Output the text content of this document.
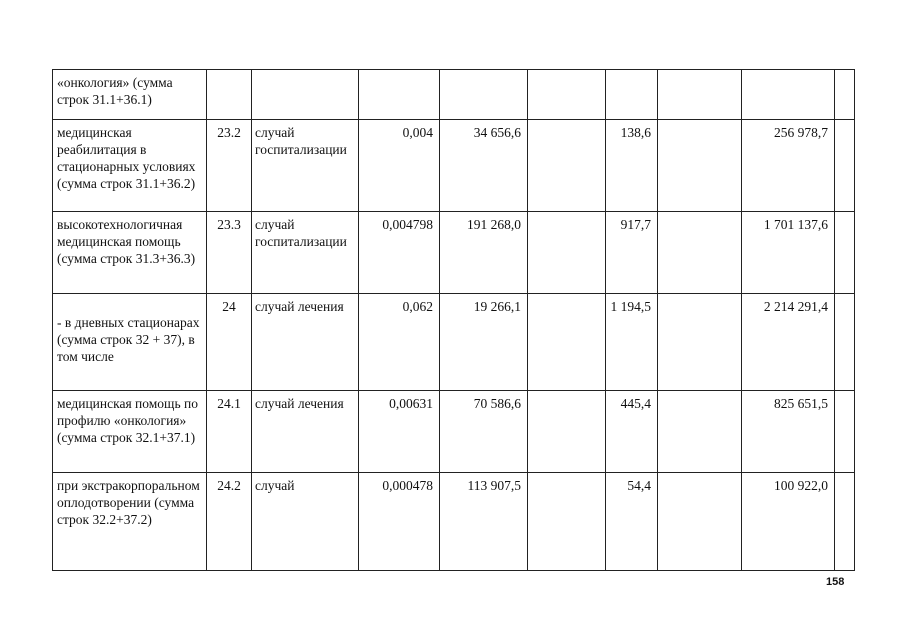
«онкология» (сумма строк 31.1+36.1)									
медицинская реабилитация в стационарных условиях (сумма строк 31.1+36.2)	23.2	случай госпитализации	0,004	34 656,6		138,6		256 978,7	
высокотехнологичная медицинская помощь (сумма строк 31.3+36.3)	23.3	случай госпитализации	0,004798	191 268,0		917,7		1 701 137,6	
- в дневных стационарах (сумма строк 32 + 37), в том числе	24	случай лечения	0,062	19 266,1		1 194,5		2 214 291,4	
медицинская помощь по профилю «онкология» (сумма строк 32.1+37.1)	24.1	случай лечения	0,00631	70 586,6		445,4		825 651,5	
при экстракорпоральном оплодотворении (сумма строк 32.2+37.2)	24.2	случай	0,000478	113 907,5		54,4		100 922,0	
158
